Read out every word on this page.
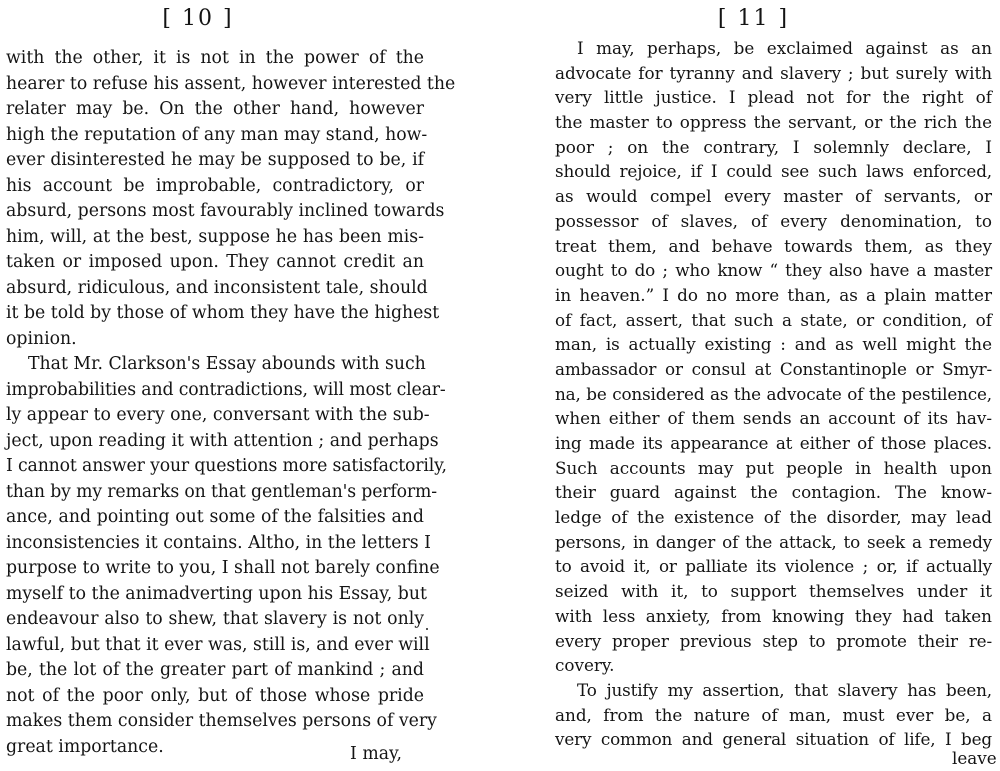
[ 10 ]
with the other, it is not in the power of the
hearer to refuse his assent, however interested the
relater may be. On the other hand, however
high the reputation of any man may stand, how-
ever disinterested he may be supposed to be, if
his account be improbable, contradictory, or
absurd, persons most favourably inclined towards
him, will, at the best, suppose he has been mis-
taken or imposed upon. They cannot credit an
absurd, ridiculous, and inconsistent tale, should
it be told by those of whom they have the highest
opinion.
That Mr. Clarkson's Essay abounds with such
improbabilities and contradictions, will most clear-
ly appear to every one, conversant with the sub-
ject, upon reading it with attention ; and perhaps
I cannot answer your questions more satisfactorily,
than by my remarks on that gentleman's perform-
ance, and pointing out some of the falsities and
inconsistencies it contains. Altho, in the letters I
purpose to write to you, I shall not barely confine
myself to the animadverting upon his Essay, but
endeavour also to shew, that slavery is not only
lawful, but that it ever was, still is, and ever will
be, the lot of the greater part of mankind ; and
not of the poor only, but of those whose pride
makes them consider themselves persons of very
great importance.	I may,
[ 11 ]
I may, perhaps, be exclaimed against as an
advocate for tyranny and slavery ; but surely with
very little justice. I plead not for the right of
the master to oppress the servant, or the rich the
poor ; on the contrary, I solemnly declare, I
should rejoice, if I could see such laws enforced,
as would compel every master of servants, or
possessor of slaves, of every denomination, to
treat them, and behave towards them, as they
ought to do ; who know “ they also have a master
in heaven.” I do no more than, as a plain matter
of fact, assert, that such a state, or condition, of
man, is actually existing : and as well might the
ambassador or consul at Constantinople or Smyr-
na, be considered as the advocate of the pestilence,
when either of them sends an account of its hav-
ing made its appearance at either of those places.
Such accounts may put people in health upon
their guard against the contagion. The know-
ledge of the existence of the disorder, may lead
persons, in danger of the attack, to seek a remedy
to avoid it, or palliate its violence ; or, if actually
seized with it, to support themselves under it
with less anxiety, from knowing they had taken
every proper previous step to promote their re-
covery.
To justify my assertion, that slavery has been,
and, from the nature of man, must ever be, a
very common and general situation of life, I beg
leave
